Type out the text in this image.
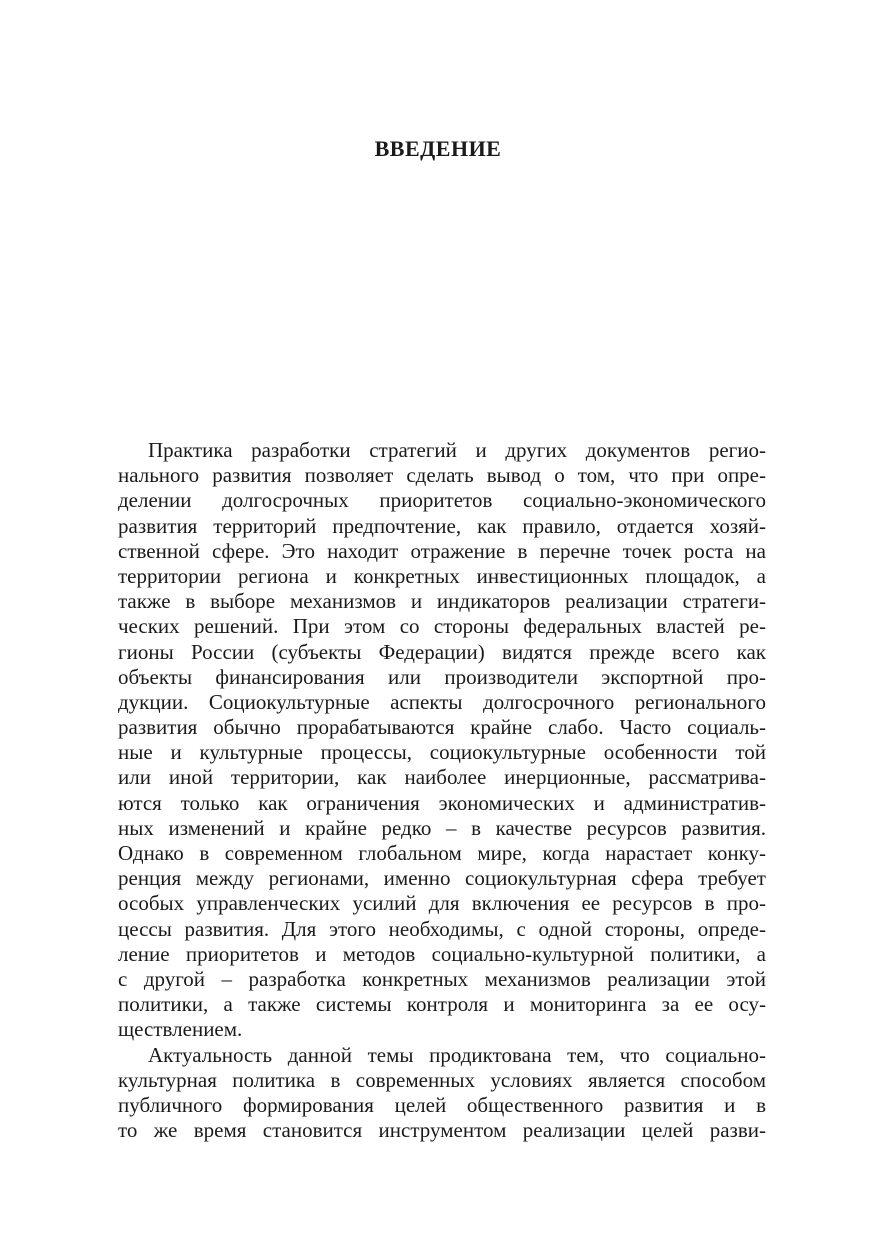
ВВЕДЕНИЕ
Практика разработки стратегий и других документов регио-
нального развития позволяет сделать вывод о том, что при опре-
делении долгосрочных приоритетов социально-экономического
развития территорий предпочтение, как правило, отдается хозяй-
ственной сфере. Это находит отражение в перечне точек роста на
территории региона и конкретных инвестиционных площадок, а
также в выборе механизмов и индикаторов реализации стратеги-
ческих решений. При этом со стороны федеральных властей ре-
гионы России (субъекты Федерации) видятся прежде всего как
объекты финансирования или производители экспортной про-
дукции. Социокультурные аспекты долгосрочного регионального
развития обычно прорабатываются крайне слабо. Часто социаль-
ные и культурные процессы, социокультурные особенности той
или иной территории, как наиболее инерционные, рассматрива-
ются только как ограничения экономических и административ-
ных изменений и крайне редко – в качестве ресурсов развития.
Однако в современном глобальном мире, когда нарастает конку-
ренция между регионами, именно социокультурная сфера требует
особых управленческих усилий для включения ее ресурсов в про-
цессы развития. Для этого необходимы, с одной стороны, опреде-
ление приоритетов и методов социально-культурной политики, а
с другой – разработка конкретных механизмов реализации этой
политики, а также системы контроля и мониторинга за ее осу-
ществлением.
Актуальность данной темы продиктована тем, что социально-
культурная политика в современных условиях является способом
публичного формирования целей общественного развития и в
то же время становится инструментом реализации целей разви-
